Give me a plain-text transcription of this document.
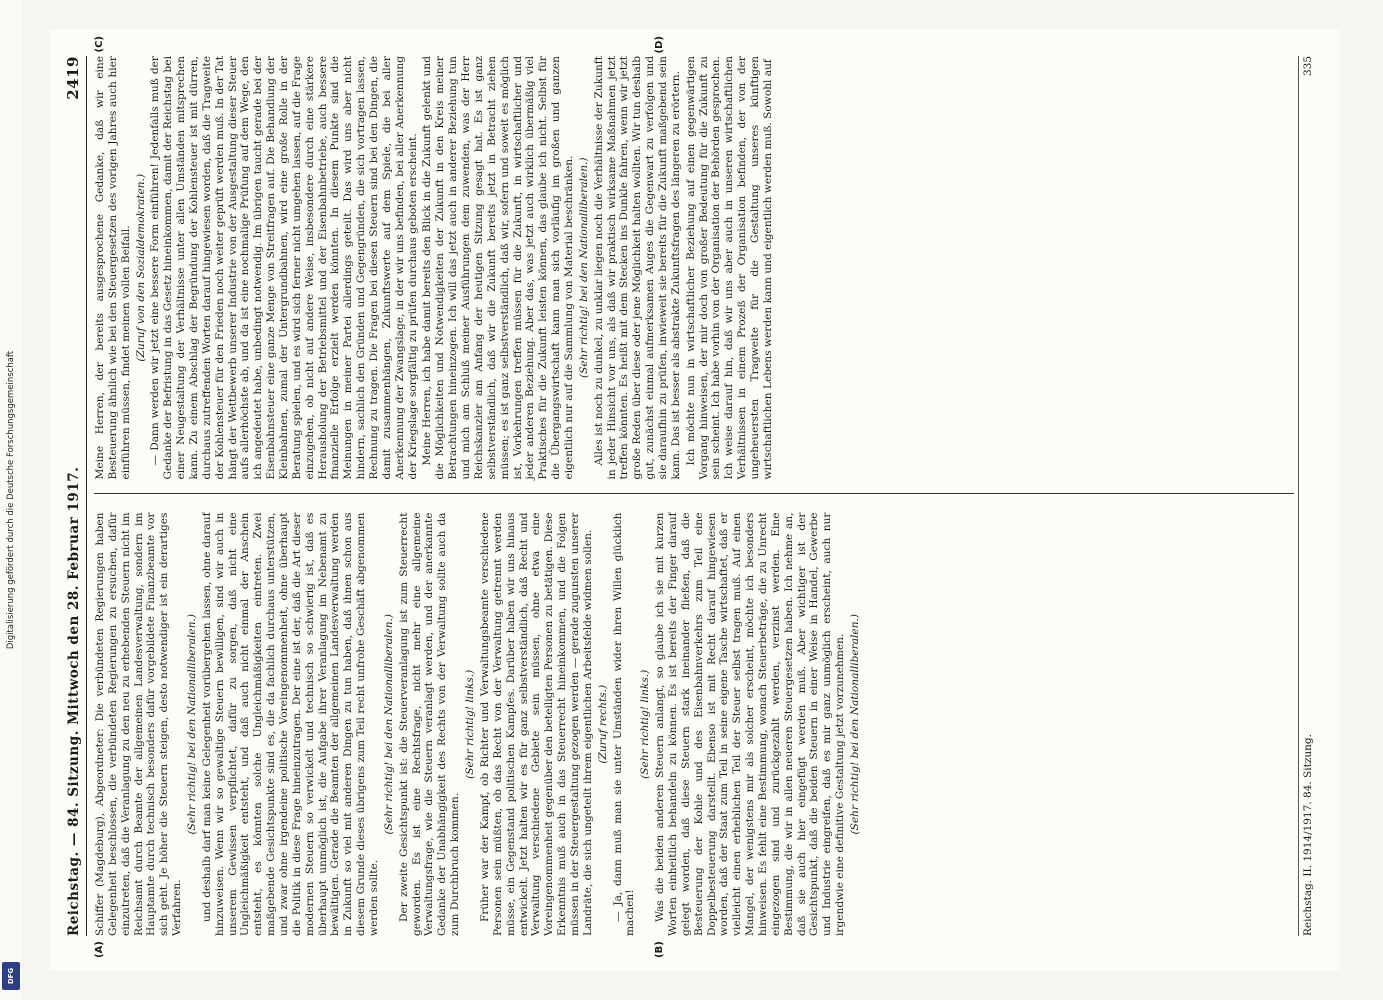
Digitalisierung gefördert durch die Deutsche Forschungsgemeinschaft
DFG
Reichstag. — 84. Sitzung. Mittwoch den 28. Februar 1917.
2419
(A)	(B)

Schiffer (Magdeburg), Abgeordneter: Die verbündeten Regierungen haben Gelegenheit beschlossen, die verbündeten Regierungen zu ersuchen, dafür einzutreten, daß die Veranlagung zu den neu zu erhebenden Steuern nicht im Reichsamt durch Beamte der allgemeinen Landesverwaltung, sondern im Hauptamte durch technisch besonders dafür vorgebildete Finanzbeamte vor sich geht. Je höher die Steuern steigen, desto notwendiger ist ein derartiges Verfahren.

(Sehr richtig! bei den Nationalliberalen.) und deshalb darf man keine Gelegenheit vorübergehen lassen, ohne darauf hinzuweisen. Wenn wir so gewaltige Steuern bewilligen, sind wir auch in unserem Gewissen verpflichtet, dafür zu sorgen, daß nicht eine Ungleichmäßigkeit entsteht, und daß auch nicht einmal der Anschein entsteht, es könnten solche Ungleichmäßigkeiten eintreten. Zwei maßgebende Gesichtspunkte sind es, die da fachlich durchaus unterstützen, und zwar ohne irgendeine politische Voreingenommenheit, ohne überhaupt die Politik in diese Frage hineinzutragen. Der eine ist der, daß die Art dieser modernen Steuern so verwickelt und technisch so schwierig ist, daß es überhaupt unmöglich ist, die Aufgabe ihrer Veranlagung im Nebenamt zu bewältigen. Gerade die Beamten der allgemeinen Landesverwaltung werden in Zukunft so viel mit anderen Dingen zu tun haben, daß ihnen schon aus diesem Grunde dieses übrigens zum Teil recht unfrohe Geschäft abgenommen werden sollte.

(Sehr richtig! bei den Nationalliberalen.) Der zweite Gesichtspunkt ist: die Steuerveranlagung ist zum Steuerrecht geworden. Es ist eine Rechtsfrage, nicht mehr eine allgemeine Verwaltungsfrage, wie die Steuern veranlagt werden, und der anerkannte Gedanke der Unabhängigkeit des Rechts von der Verwaltung sollte auch da zum Durchbruch kommen.

(Sehr richtig! links.) Früher war der Kampf, ob Richter und Verwaltungsbeamte verschiedene Personen sein müßten, ob das Recht von der Verwaltung getrennt werden müsse, ein Gegenstand politischen Kampfes. Darüber haben wir uns hinaus entwickelt. Jetzt halten wir es für ganz selbstverständlich, daß Recht und Verwaltung verschiedene Gebiete sein müssen, ohne etwa eine Voreingenommenheit gegenüber den beteiligten Personen zu betätigen. Diese Erkenntnis muß auch in das Steuerrecht hineinkommen, und die Folgen müssen in der Steuergestaltung gezogen werden — gerade zugunsten unserer Landräte, die sich ungeteilt ihrem eigentlichen Arbeitsfelde widmen sollen. (Zuruf rechts.) — Ja, dann muß man sie unter Umständen wider ihren Willen glücklich machen!

(Sehr richtig! links.) Was die beiden anderen Steuern anlangt, so glaube ich sie mit kurzen Worten einheitlich behandeln zu können. Es ist bereits der Finger darauf gelegt worden, daß diese Steuern stark ineinander fließen, daß die Besteuerung der Kohle und des Eisenbahnverkehrs zum Teil eine Doppelbesteuerung darstellt. Ebenso ist mit Recht darauf hingewiesen worden, daß der Staat zum Teil in seine eigene Tasche wirtschaftet, daß er vielleicht einen erheblichen Teil der Steuer selbst tragen muß. Auf einen Mangel, der wenigstens mir als solcher erscheint, möchte ich besonders hinweisen. Es fehlt eine Bestimmung, wonach Steuerbeträge, die zu Unrecht eingezogen sind und zurückgezahlt werden, verzinst werden. Eine Bestimmung, die wir in allen neueren Steuergesetzen haben. Ich nehme an, daß sie auch hier eingefügt werden muß. Aber wichtiger ist der Gesichtspunkt, daß die beiden Steuern in einer Weise in Handel, Gewerbe und Industrie eingreifen, daß es mir ganz unmöglich erscheint, auch nur irgendwie eine definitive Gestaltung jetzt vorzunehmen. (Sehr richtig! bei den Nationalliberalen.)

(C)	(D)

Meine Herren, der bereits ausgesprochene Gedanke, daß wir eine Besteuerung ähnlich wie bei den Steuergesetzen des vorigen Jahres auch hier einführen müssen, findet meinen vollen Beifall. (Zuruf von den Sozialdemokraten.) — Dann werden wir jetzt eine bessere Form einführen! Jedenfalls muß der Gedanke der Befristung in das Gesetz hineinkommen, damit der Reichstag bei einer Neugestaltung der Verhältnisse unter allen Umständen mitsprechen kann. Zu einem Abschlag der Begründung der Kohlensteuer ist mit dürren, durchaus zutreffenden Worten darauf hingewiesen worden, daß die Tragweite der Kohlensteuer für den Frieden noch weiter geprüft werden muß. In der Tat hängt der Wettbewerb unserer Industrie von der Ausgestaltung dieser Steuer aufs allerhöchste ab, und da ist eine nochmalige Prüfung auf dem Wege, den ich angedeutet habe, unbedingt notwendig. Im übrigen taucht gerade bei der Eisenbahnsteuer eine ganze Menge von Streitfragen auf. Die Behandlung der Kleinbahnen, zumal der Untergrundbahnen, wird eine große Rolle in der Beratung spielen, und es wird sich ferner nicht umgehen lassen, auf die Frage einzugehen, ob nicht auf andere Weise, insbesondere durch eine stärkere Herausholung der Betriebsmittel und der Eisenbahnbetriebe, auch bessere finanzielle Erfolge erzielt werden könnten. In diesem Punkte sind die Meinungen in meiner Partei allerdings geteilt. Das wird uns aber nicht hindern, sachlich den Gründen und Gegengründen, die sich vortragen lassen, Rechnung zu tragen. Die Fragen bei diesen Steuern sind bei den Dingen, die damit zusammenhängen, Zukunftswerte auf dem Spiele, die bei aller Anerkennung der Zwangslage, in der wir uns befinden, bei aller Anerkennung der Kriegslage sorgfältig zu prüfen durchaus geboten erscheint. Meine Herren, ich habe damit bereits den Blick in die Zukunft gelenkt und die Möglichkeiten und Notwendigkeiten der Zukunft in den Kreis meiner Betrachtungen hineinzogen. Ich will das jetzt auch in anderer Beziehung tun und mich am Schluß meiner Ausführungen dem zuwenden, was der Herr Reichskanzler am Anfang der heutigen Sitzung gesagt hat. Es ist ganz selbstverständlich, daß wir die Zukunft bereits jetzt in Betracht ziehen müssen; es ist ganz selbstverständlich, daß wir, sofern und soweit es möglich ist, Vorkehrungen treffen müssen für die Zukunft, in wirtschaftlicher und jeder anderen Beziehung. Aber das, was jetzt auch wirklich übermäßig viel Praktisches für die Zukunft leisten können, das glaube ich nicht. Selbst für die Übergangswirtschaft kann man sich vorläufig im großen und ganzen eigentlich nur auf die Sammlung von Material beschränken. (Sehr richtig! bei den Nationalliberalen.) Alles ist noch zu dunkel, zu unklar liegen noch die Verhältnisse der Zukunft in jeder Hinsicht vor uns, als daß wir praktisch wirksame Maßnahmen jetzt treffen könnten. Es heißt mit dem Stecken ins Dunkle fahren, wenn wir jetzt große Reden über diese oder jene Möglichkeit halten wollten. Wir tun deshalb gut, zunächst einmal aufmerksamen Auges die Gegenwart zu verfolgen und sie daraufhin zu prüfen, inwieweit sie bereits für die Zukunft maßgebend sein kann. Das ist besser als abstrakte Zukunftsfragen des längeren zu erörtern. Ich möchte nun in wirtschaftlicher Beziehung auf einen gegenwärtigen Vorgang hinweisen, der mir doch von großer Bedeutung für die Zukunft zu sein scheint. Ich habe vorhin von der Organisation der Behörden gesprochen. Ich weise darauf hin, daß wir uns aber auch in unseren wirtschaftlichen Verhältnissen in einem Prozeß der Organisation befinden, der von der ungeheuersten Tragweite für die Gestaltung unseres künftigen wirtschaftlichen Lebens werden kann und eigentlich werden muß. Sowohl auf

Reichstag. II. 1914/1917. 84. Sitzung.
335
